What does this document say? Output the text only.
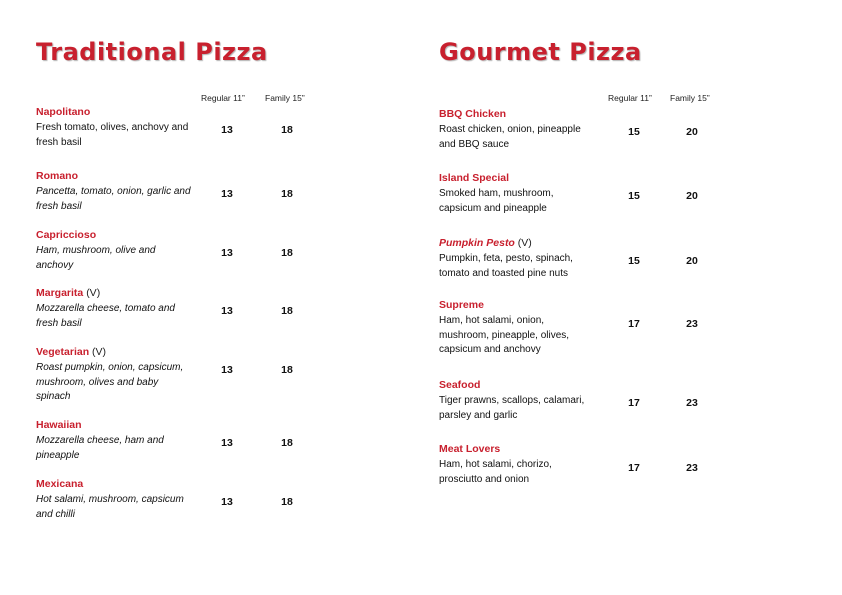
Traditional Pizza
Regular 11” Family 15”
Napolitano
Fresh tomato, olives, anchovy and fresh basil
13	18
Romano
Pancetta, tomato, onion, garlic and fresh basil
13	18
Capriccioso
Ham, mushroom, olive and anchovy
13	18
Margarita (V)
Mozzarella cheese, tomato and fresh basil
13	18
Vegetarian (V)
Roast pumpkin, onion, capsicum, mushroom, olives and baby spinach
13	18
Hawaiian
Mozzarella cheese, ham and pineapple
13	18
Mexicana
Hot salami, mushroom, capsicum and chilli
13	18
Gourmet Pizza
Regular 11” Family 15”
BBQ Chicken
Roast chicken, onion, pineapple and BBQ sauce
15	20
Island Special
Smoked ham, mushroom, capsicum and pineapple
15	20
Pumpkin Pesto (V)
Pumpkin, feta, pesto, spinach, tomato and toasted pine nuts
15	20
Supreme
Ham, hot salami, onion, mushroom, pineapple, olives, capsicum and anchovy
17	23
Seafood
Tiger prawns, scallops, calamari, parsley and garlic
17	23
Meat Lovers
Ham, hot salami, chorizo, prosciutto and onion
17	23
